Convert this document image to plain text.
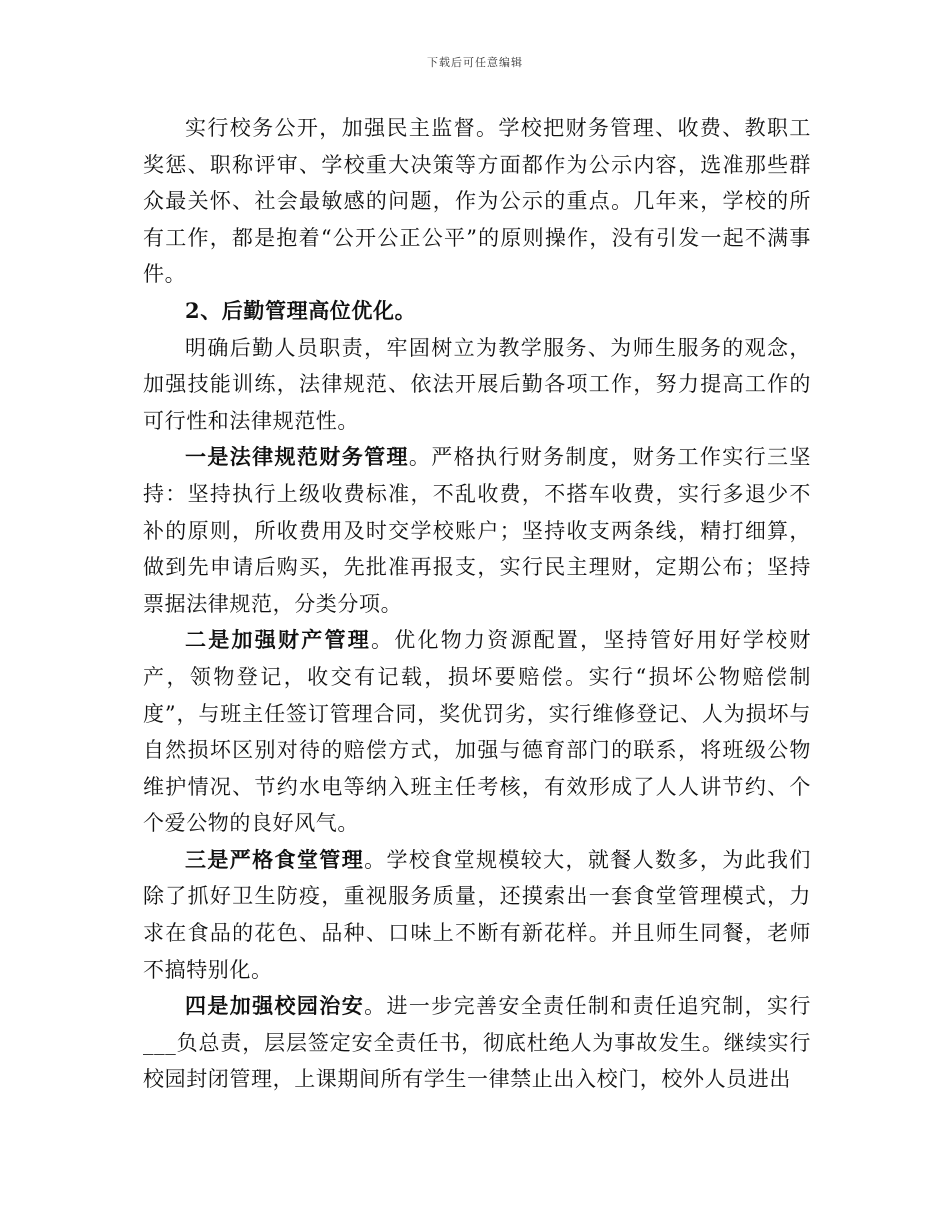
下载后可任意编辑

实行校务公开，加强民主监督。学校把财务管理、收费、教职工奖惩、职称评审、学校重大决策等方面都作为公示内容，选准那些群众最关怀、社会最敏感的问题，作为公示的重点。几年来，学校的所有工作，都是抱着“公开公正公平”的原则操作，没有引发一起不满事件。

2、后勤管理高位优化。

明确后勤人员职责，牢固树立为教学服务、为师生服务的观念，加强技能训练，法律规范、依法开展后勤各项工作，努力提高工作的可行性和法律规范性。

一是法律规范财务管理。严格执行财务制度，财务工作实行三坚持：坚持执行上级收费标准，不乱收费，不搭车收费，实行多退少不补的原则，所收费用及时交学校账户；坚持收支两条线，精打细算，做到先申请后购买，先批准再报支，实行民主理财，定期公布；坚持票据法律规范，分类分项。

二是加强财产管理。优化物力资源配置，坚持管好用好学校财产，领物登记，收交有记载，损坏要赔偿。实行“损坏公物赔偿制度”，与班主任签订管理合同，奖优罚劣，实行维修登记、人为损坏与自然损坏区别对待的赔偿方式，加强与德育部门的联系，将班级公物维护情况、节约水电等纳入班主任考核，有效形成了人人讲节约、个个爱公物的良好风气。

三是严格食堂管理。学校食堂规模较大，就餐人数多，为此我们除了抓好卫生防疫，重视服务质量，还摸索出一套食堂管理模式，力求在食品的花色、品种、口味上不断有新花样。并且师生同餐，老师不搞特别化。

四是加强校园治安。进一步完善安全责任制和责任追究制，实行___负总责，层层签定安全责任书，彻底杜绝人为事故发生。继续实行校园封闭管理，上课期间所有学生一律禁止出入校门，校外人员进出
